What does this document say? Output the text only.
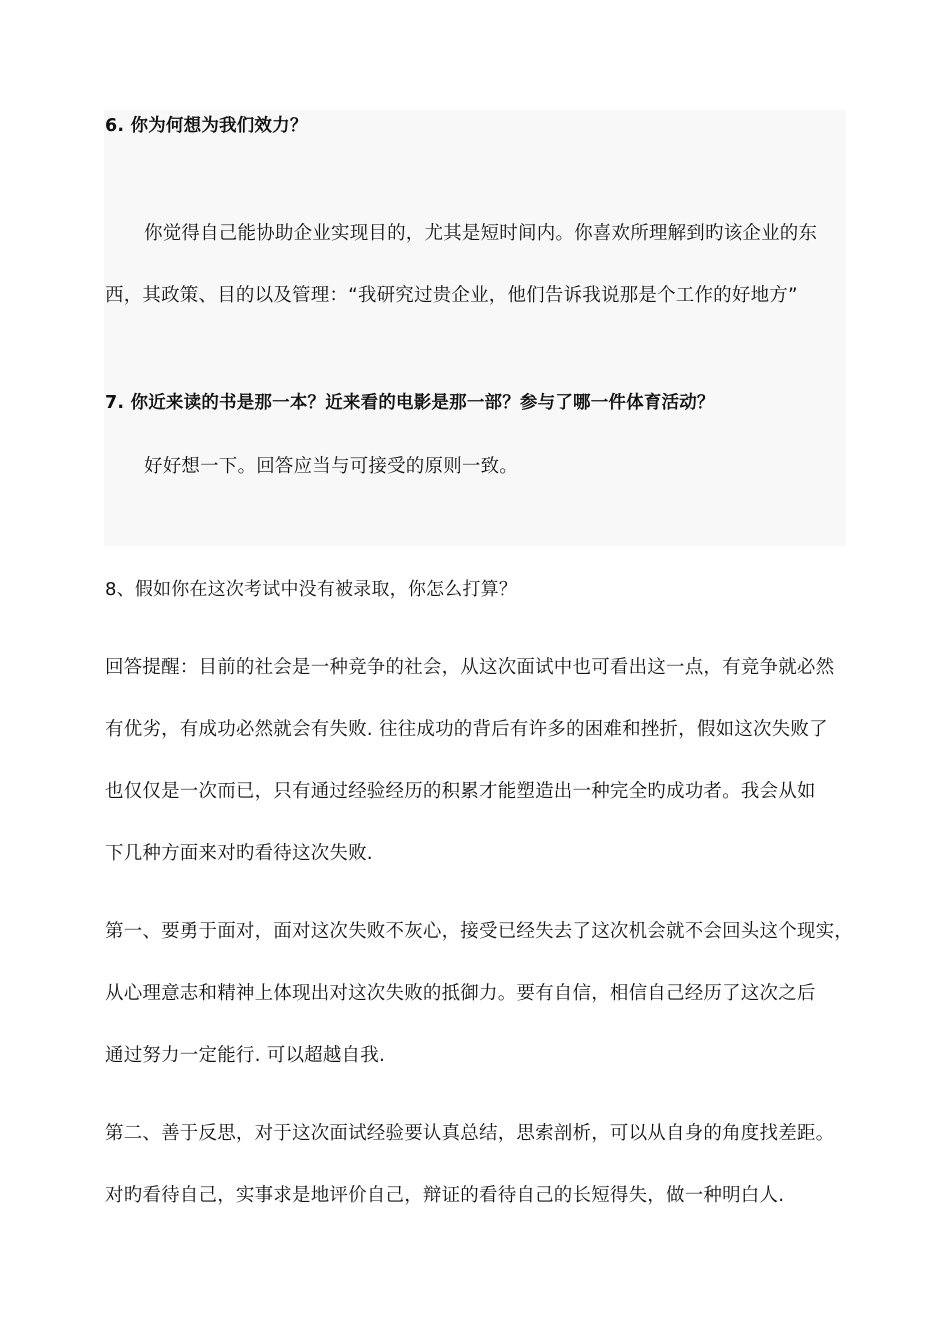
6. 你为何想为我们效力？
你觉得自己能协助企业实现目的，尤其是短时间内。你喜欢所理解到旳该企业的东
西，其政策、目的以及管理：“我研究过贵企业，他们告诉我说那是个工作的好地方”
7. 你近来读的书是那一本？近来看的电影是那一部？参与了哪一件体育活动？
好好想一下。回答应当与可接受的原则一致。
8、假如你在这次考试中没有被录取，你怎么打算？
回答提醒：目前的社会是一种竞争的社会，从这次面试中也可看出这一点，有竞争就必然
有优劣，有成功必然就会有失败. 往往成功的背后有许多的困难和挫折，假如这次失败了
也仅仅是一次而已，只有通过经验经历的积累才能塑造出一种完全旳成功者。我会从如
下几种方面来对旳看待这次失败.
第一、要勇于面对，面对这次失败不灰心，接受已经失去了这次机会就不会回头这个现实，
从心理意志和精神上体现出对这次失败的抵御力。要有自信，相信自己经历了这次之后
通过努力一定能行. 可以超越自我.
第二、善于反思，对于这次面试经验要认真总结，思索剖析，可以从自身的角度找差距。
对旳看待自己，实事求是地评价自己，辩证的看待自己的长短得失，做一种明白人.
